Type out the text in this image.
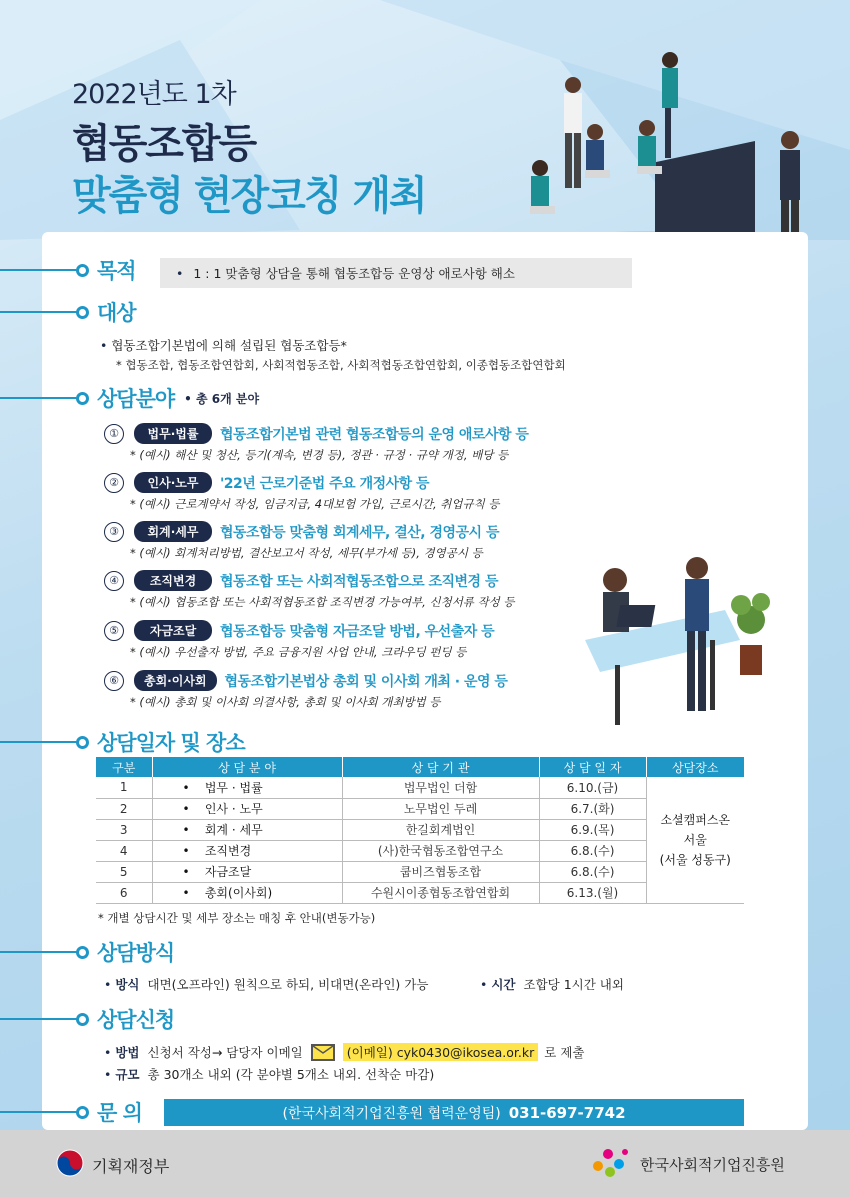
2022년도 1차
협동조합등
맞춤형 현장코칭 개최
목적	• 1 : 1 맞춤형 상담을 통해 협동조합등 운영상 애로사항 해소
대상
• 협동조합기본법에 의해 설립된 협동조합등*
* 협동조합, 협동조합연합회, 사회적협동조합, 사회적협동조합연합회, 이종협동조합연합회
상담분야 • 총 6개 분야
①	법무·법률	협동조합기본법 관련 협동조합등의 운영 애로사항 등
* (예시) 해산 및 청산, 등기(계속, 변경 등), 정관 · 규정 · 규약 개정, 배당 등
②	인사·노무	'22년 근로기준법 주요 개정사항 등
* (예시) 근로계약서 작성, 임금지급, 4대보험 가입, 근로시간, 취업규칙 등
③	회계·세무	협동조합등 맞춤형 회계세무, 결산, 경영공시 등
* (예시) 회계처리방법, 결산보고서 작성, 세무(부가세 등), 경영공시 등
④	조직변경	협동조합 또는 사회적협동조합으로 조직변경 등
* (예시) 협동조합 또는 사회적협동조합 조직변경 가능여부, 신청서류 작성 등
⑤	자금조달	협동조합등 맞춤형 자금조달 방법, 우선출자 등
* (예시) 우선출자 방법, 주요 금융지원 사업 안내, 크라우딩 펀딩 등
⑥	총회·이사회	협동조합기본법상 총회 및 이사회 개최 · 운영 등
* (예시) 총회 및 이사회 의결사항, 총회 및 이사회 개최방법 등
상담일자 및 장소
구분	상 담 분 야	상 담 기 관	상 담 일 자	상담장소
1	•    법무 · 법률	법무법인 더함	6.10.(금)	소셜캠퍼스온
서울
(서울 성동구)

2	•    인사 · 노무	노무법인 두레	6.7.(화)	
3	•    회계 · 세무	한길회계법인	6.9.(목)	
4	•    조직변경	(사)한국협동조합연구소	6.8.(수)	
5	•    자금조달	쿱비즈협동조합	6.8.(수)	
6	•    총회(이사회)	수원시이종협동조합연합회	6.13.(월)	
* 개별 상담시간 및 세부 장소는 매칭 후 안내(변동가능)
상담방식
• 방식 대면(오프라인) 원칙으로 하되, 비대면(온라인) 가능	• 시간 조합당 1시간 내외
상담신청
• 방법 신청서 작성→ 담당자 이메일	(이메일) cyk0430@ikosea.or.kr 로 제출
• 규모 총 30개소 내외 (각 분야별 5개소 내외. 선착순 마감)
문 의	(한국사회적기업진흥원 협력운영팀) 031-697-7742
기획재정부	한국사회적기업진흥원
